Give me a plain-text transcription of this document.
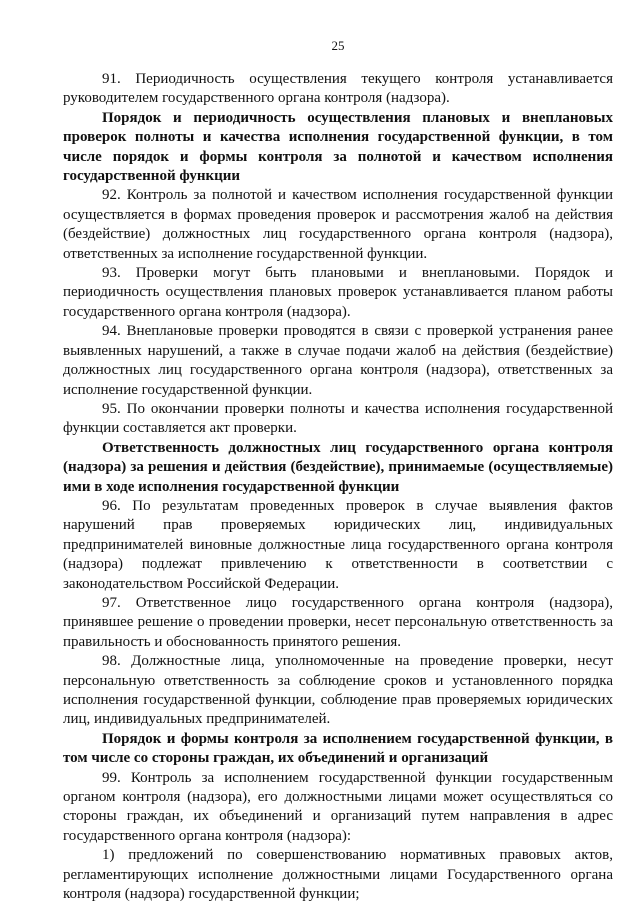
25

91. Периодичность осуществления текущего контроля устанавливается руководителем государственного органа контроля (надзора).

Порядок и периодичность осуществления плановых и внеплановых проверок полноты и качества исполнения государственной функции, в том числе порядок и формы контроля за полнотой и качеством исполнения государственной функции

92. Контроль за полнотой и качеством исполнения государственной функции осуществляется в формах проведения проверок и рассмотрения жалоб на действия (бездействие) должностных лиц государственного органа контроля (надзора), ответственных за исполнение государственной функции.

93. Проверки могут быть плановыми и внеплановыми. Порядок и периодичность осуществления плановых проверок устанавливается планом работы государственного органа контроля (надзора).

94. Внеплановые проверки проводятся в связи с проверкой устранения ранее выявленных нарушений, а также в случае подачи жалоб на действия (бездействие) должностных лиц государственного органа контроля (надзора), ответственных за исполнение государственной функции.

95. По окончании проверки полноты и качества исполнения государственной функции составляется акт проверки.

Ответственность должностных лиц государственного органа контроля (надзора) за решения и действия (бездействие), принимаемые (осуществляемые) ими в ходе исполнения государственной функции

96. По результатам проведенных проверок в случае выявления фактов нарушений прав проверяемых юридических лиц, индивидуальных предпринимателей виновные должностные лица государственного органа контроля (надзора) подлежат привлечению к ответственности в соответствии с законодательством Российской Федерации.

97. Ответственное лицо государственного органа контроля (надзора), принявшее решение о проведении проверки, несет персональную ответственность за правильность и обоснованность принятого решения.

98. Должностные лица, уполномоченные на проведение проверки, несут персональную ответственность за соблюдение сроков и установленного порядка исполнения государственной функции, соблюдение прав проверяемых юридических лиц, индивидуальных предпринимателей.

Порядок и формы контроля за исполнением государственной функции, в том числе со стороны граждан, их объединений и организаций

99. Контроль за исполнением государственной функции государственным органом контроля (надзора), его должностными лицами может осуществляться со стороны граждан, их объединений и организаций путем направления в адрес государственного органа контроля (надзора):

1) предложений по совершенствованию нормативных правовых актов, регламентирующих исполнение должностными лицами Государственного органа контроля (надзора) государственной функции;
